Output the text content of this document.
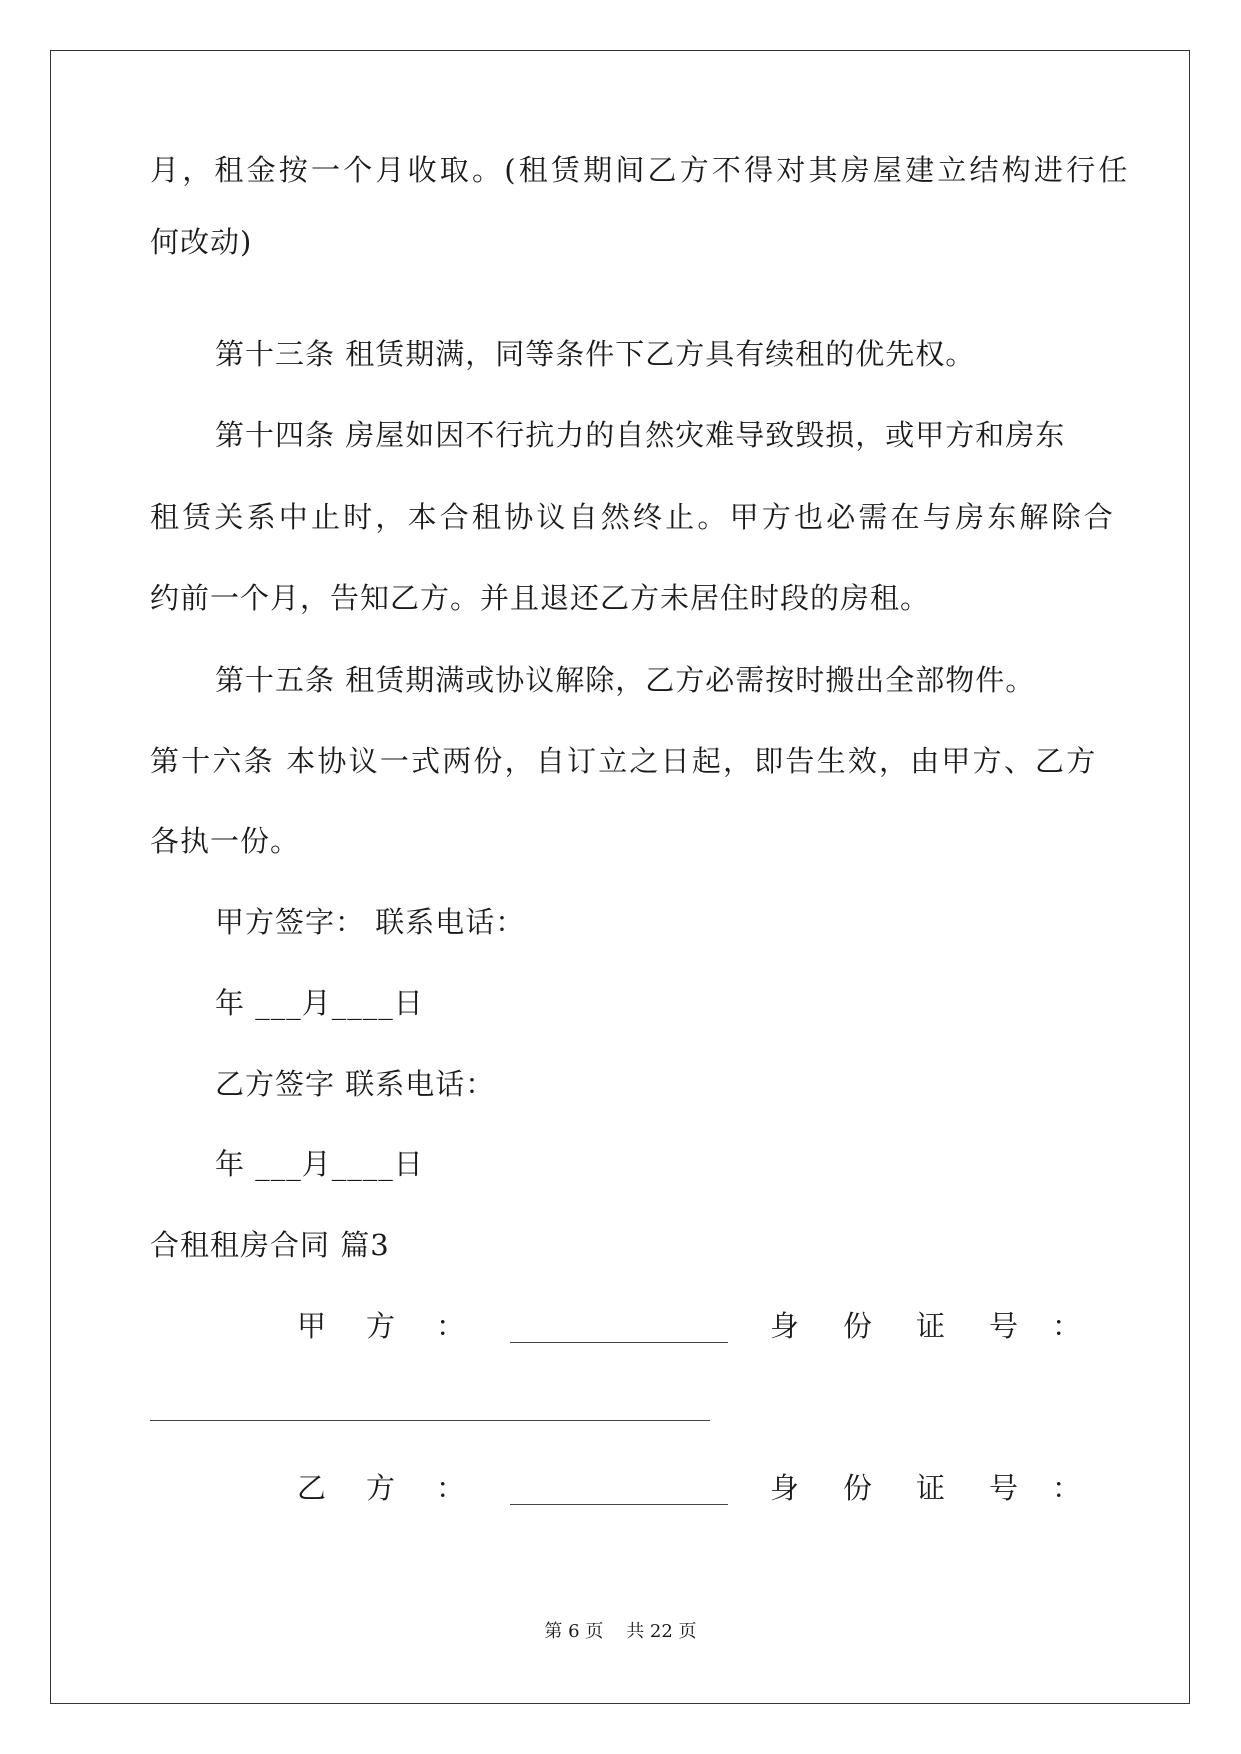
月，租金按一个月收取。(租赁期间乙方不得对其房屋建立结构进行任
何改动)
第十三条 租赁期满，同等条件下乙方具有续租的优先权。
第十四条 房屋如因不行抗力的自然灾难导致毁损，或甲方和房东
租赁关系中止时，本合租协议自然终止。甲方也必需在与房东解除合
约前一个月，告知乙方。并且退还乙方未居住时段的房租。
第十五条 租赁期满或协议解除，乙方必需按时搬出全部物件。
第十六条 本协议一式两份，自订立之日起，即告生效，由甲方、乙方
各执一份。
甲方签字： 联系电话：
年 ___月____日
乙方签字 联系电话：
年 ___月____日
合租租房合同 篇3
甲 方 ：	身 份 证 号 ：
乙 方 ：	身 份 证 号 ：
第 6 页    共 22 页
